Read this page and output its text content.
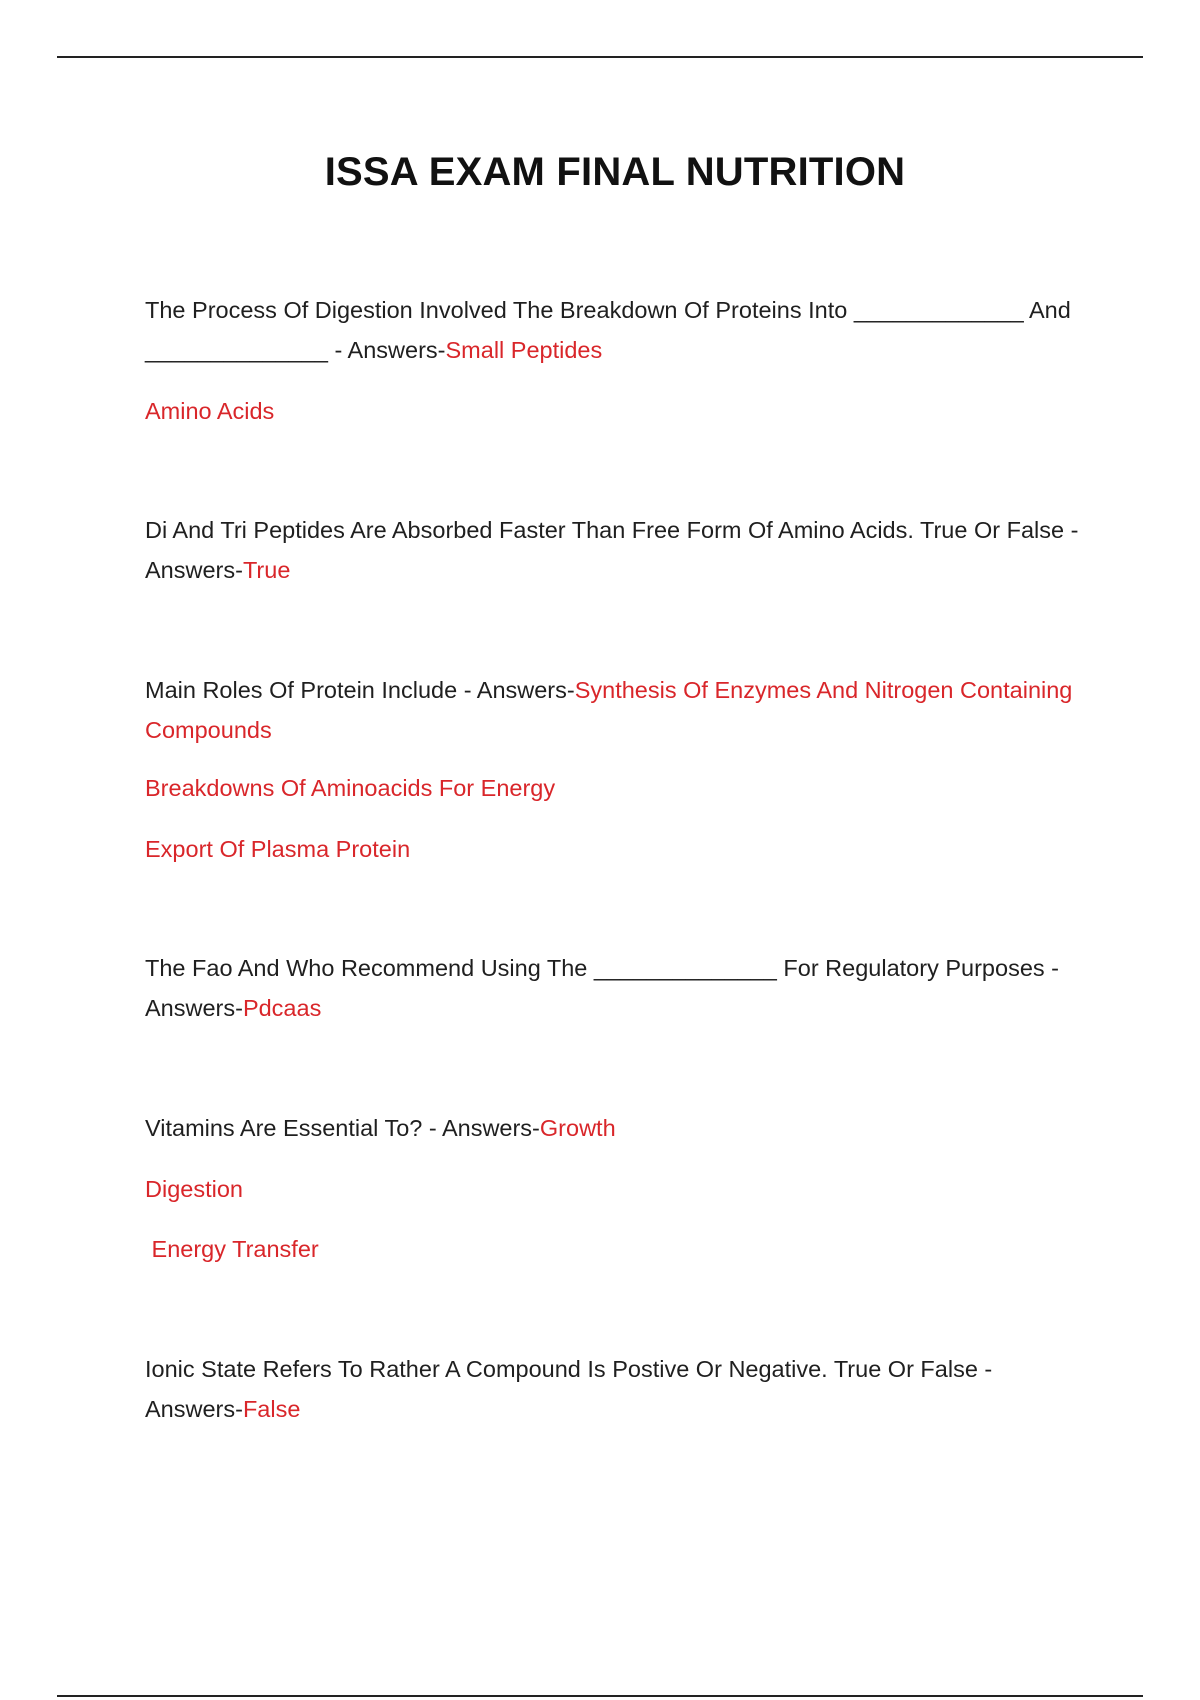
ISSA EXAM FINAL NUTRITION
The Process Of Digestion Involved The Breakdown Of Proteins Into _____________ And ______________ - Answers-Small Peptides
Amino Acids
Di And Tri Peptides Are Absorbed Faster Than Free Form Of Amino Acids. True Or False - Answers-True
Main Roles Of Protein Include - Answers-Synthesis Of Enzymes And Nitrogen Containing Compounds
Breakdowns Of Aminoacids For Energy
Export Of Plasma Protein
The Fao And Who Recommend Using The ______________ For Regulatory Purposes - Answers-Pdcaas
Vitamins Are Essential To? - Answers-Growth
Digestion
Energy Transfer
Ionic State Refers To Rather A Compound Is Postive Or Negative. True Or False - Answers-False
